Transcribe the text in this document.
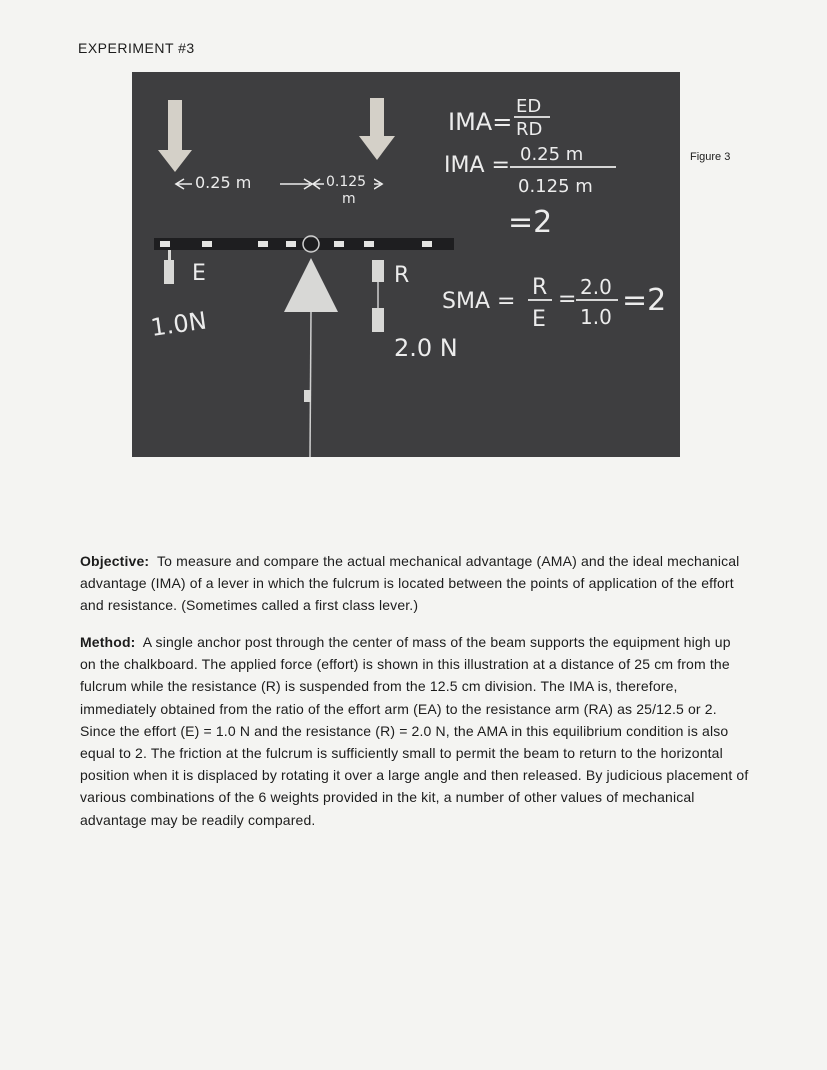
EXPERIMENT #3
0.25 m	0.125
m
E	R
1.0N
2.0 N
IMA=
ED
RD
IMA = 0.25 m
0.125 m
=2
SMA =
R
E
= 2.0
1.0 =2
Figure 3
Objective: To measure and compare the actual mechanical advantage (AMA) and the ideal mechanical advantage (IMA) of a lever in which the fulcrum is located between the points of application of the effort and resistance. (Sometimes called a first class lever.)
Method: A single anchor post through the center of mass of the beam supports the equipment high up on the chalkboard. The applied force (effort) is shown in this illustration at a distance of 25 cm from the fulcrum while the resistance (R) is suspended from the 12.5 cm division. The IMA is, therefore, immediately obtained from the ratio of the effort arm (EA) to the resistance arm (RA) as 25/12.5 or 2. Since the effort (E) = 1.0 N and the resistance (R) = 2.0 N, the AMA in this equilibrium condition is also equal to 2. The friction at the fulcrum is sufficiently small to permit the beam to return to the horizontal position when it is displaced by rotating it over a large angle and then released. By judicious placement of various combinations of the 6 weights provided in the kit, a number of other values of mechanical advantage may be readily compared.
